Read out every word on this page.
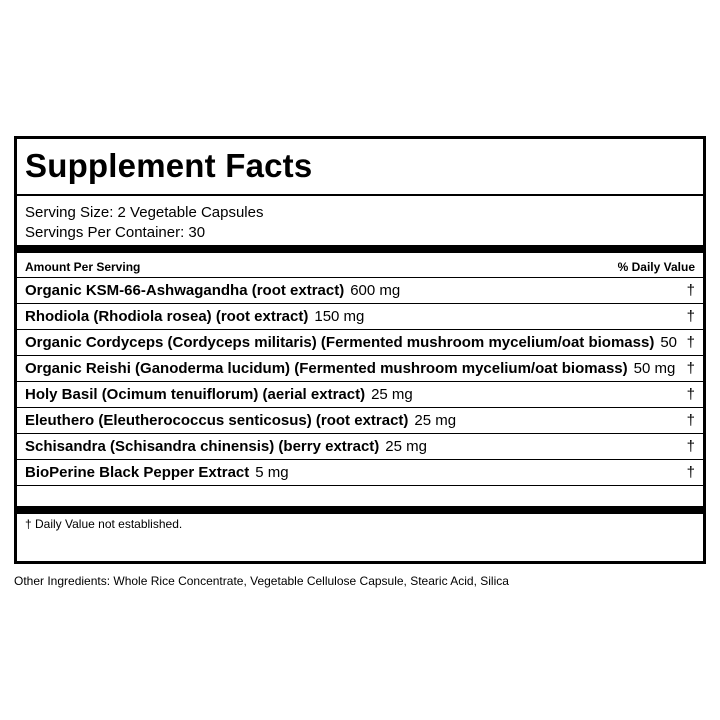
Supplement Facts
Serving Size: 2 Vegetable Capsules
Servings Per Container: 30
Amount Per Serving	% Daily Value
Organic KSM-66-Ashwagandha (root extract) 600 mg	†
Rhodiola (Rhodiola rosea) (root extract) 150 mg	†
Organic Cordyceps (Cordyceps militaris) (Fermented mushroom mycelium/oat biomass) 50 †
Organic Reishi (Ganoderma lucidum) (Fermented mushroom mycelium/oat biomass) 50 mg †
Holy Basil (Ocimum tenuiflorum) (aerial extract) 25 mg	†
Eleuthero (Eleutherococcus senticosus) (root extract) 25 mg	†
Schisandra (Schisandra chinensis) (berry extract) 25 mg	†
BioPerine Black Pepper Extract 5 mg	†
† Daily Value not established.
Other Ingredients: Whole Rice Concentrate, Vegetable Cellulose Capsule, Stearic Acid, Silica
